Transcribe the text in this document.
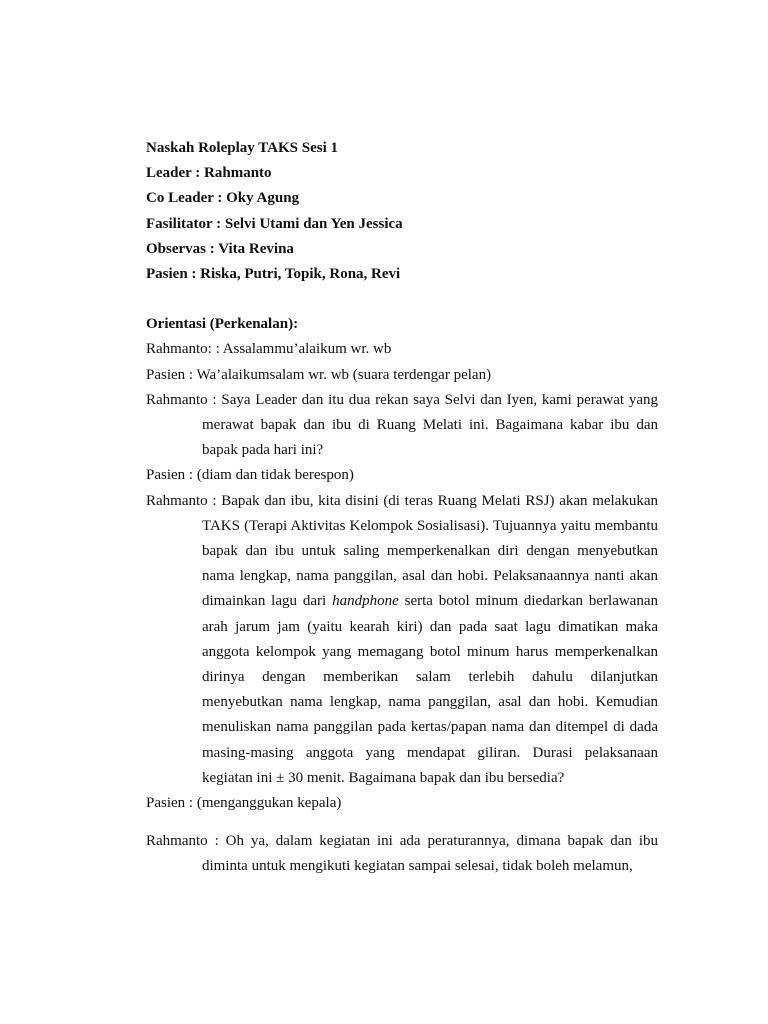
Naskah Roleplay TAKS Sesi 1

Leader : Rahmanto

Co Leader : Oky Agung

Fasilitator : Selvi Utami dan Yen Jessica

Observas : Vita Revina

Pasien : Riska, Putri, Topik, Rona, Revi

Orientasi (Perkenalan):

Rahmanto: : Assalammu’alaikum wr. wb

Pasien : Wa’alaikumsalam wr. wb (suara terdengar pelan)

Rahmanto : Saya Leader dan itu dua rekan saya Selvi dan Iyen, kami perawat yang merawat bapak dan ibu di Ruang Melati ini. Bagaimana kabar ibu dan bapak pada hari ini?

Pasien : (diam dan tidak berespon)

Rahmanto : Bapak dan ibu, kita disini (di teras Ruang Melati RSJ) akan melakukan TAKS (Terapi Aktivitas Kelompok Sosialisasi). Tujuannya yaitu membantu bapak dan ibu untuk saling memperkenalkan diri dengan menyebutkan nama lengkap, nama panggilan, asal dan hobi. Pelaksanaannya nanti akan dimainkan lagu dari handphone serta botol minum diedarkan berlawanan arah jarum jam (yaitu kearah kiri) dan pada saat lagu dimatikan maka anggota kelompok yang memagang botol minum harus memperkenalkan dirinya dengan memberikan salam terlebih dahulu dilanjutkan menyebutkan nama lengkap, nama panggilan, asal dan hobi. Kemudian menuliskan nama panggilan pada kertas/papan nama dan ditempel di dada masing-masing anggota yang mendapat giliran. Durasi pelaksanaan kegiatan ini ± 30 menit. Bagaimana bapak dan ibu bersedia?

Pasien : (menganggukan kepala)

Rahmanto : Oh ya, dalam kegiatan ini ada peraturannya, dimana bapak dan ibu diminta untuk mengikuti kegiatan sampai selesai, tidak boleh melamun,
